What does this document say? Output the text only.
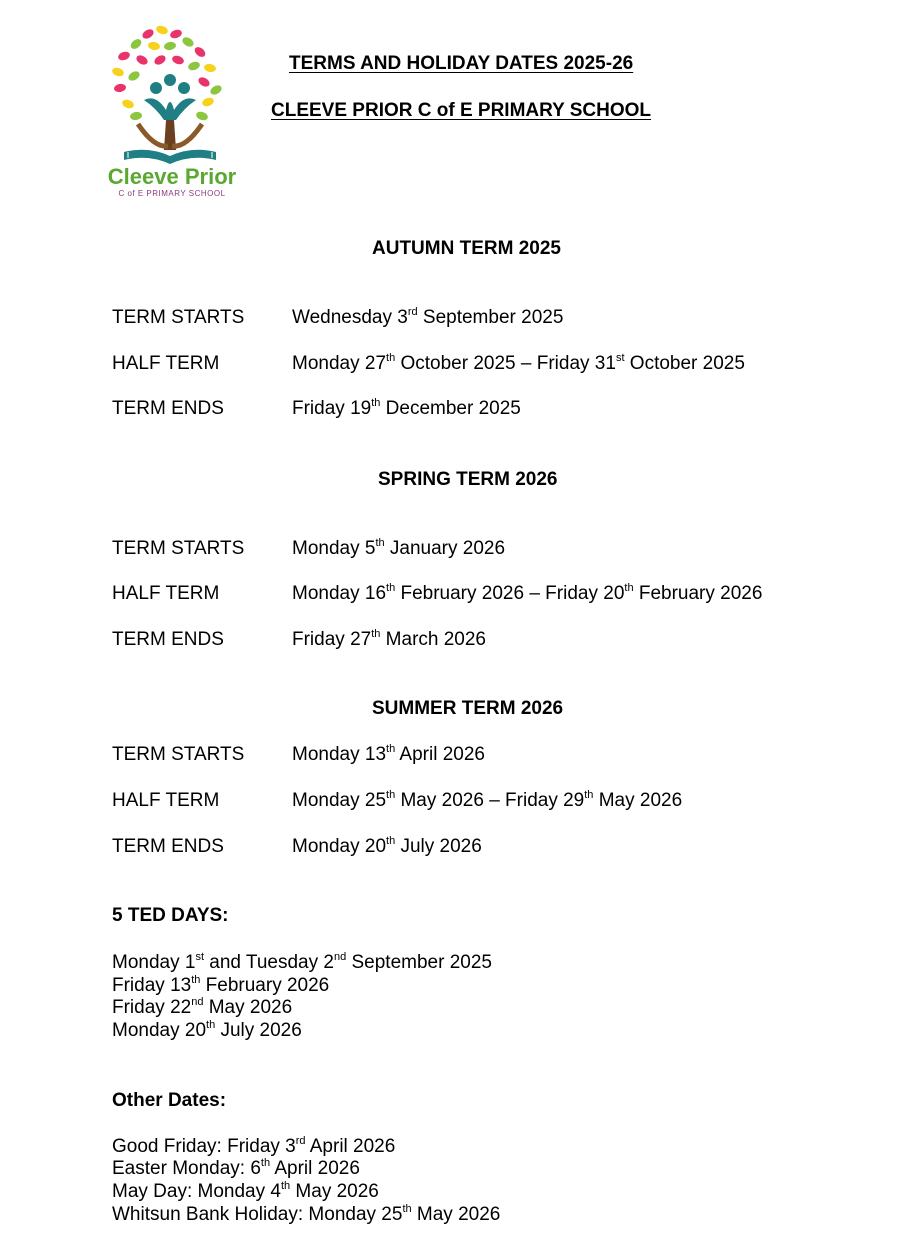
Cleeve Prior
C of E PRIMARY SCHOOL
TERMS AND HOLIDAY DATES 2025-26
CLEEVE PRIOR C of E PRIMARY SCHOOL
AUTUMN TERM 2025
TERM STARTS	Wednesday 3rd September 2025
HALF TERM	Monday 27th October 2025 – Friday 31st October 2025
TERM ENDS	Friday 19th December 2025
SPRING TERM 2026
TERM STARTS	Monday 5th January 2026
HALF TERM	Monday 16th February 2026 – Friday 20th February 2026
TERM ENDS	Friday 27th March 2026
SUMMER TERM 2026
TERM STARTS	Monday 13th April 2026
HALF TERM	Monday 25th May 2026 – Friday 29th May 2026
TERM ENDS	Monday 20th July 2026
5 TED DAYS:
Monday 1st and Tuesday 2nd September 2025
Friday 13th February 2026
Friday 22nd May 2026
Monday 20th July 2026
Other Dates:
Good Friday: Friday 3rd April 2026
Easter Monday: 6th April 2026
May Day: Monday 4th May 2026
Whitsun Bank Holiday: Monday 25th May 2026
